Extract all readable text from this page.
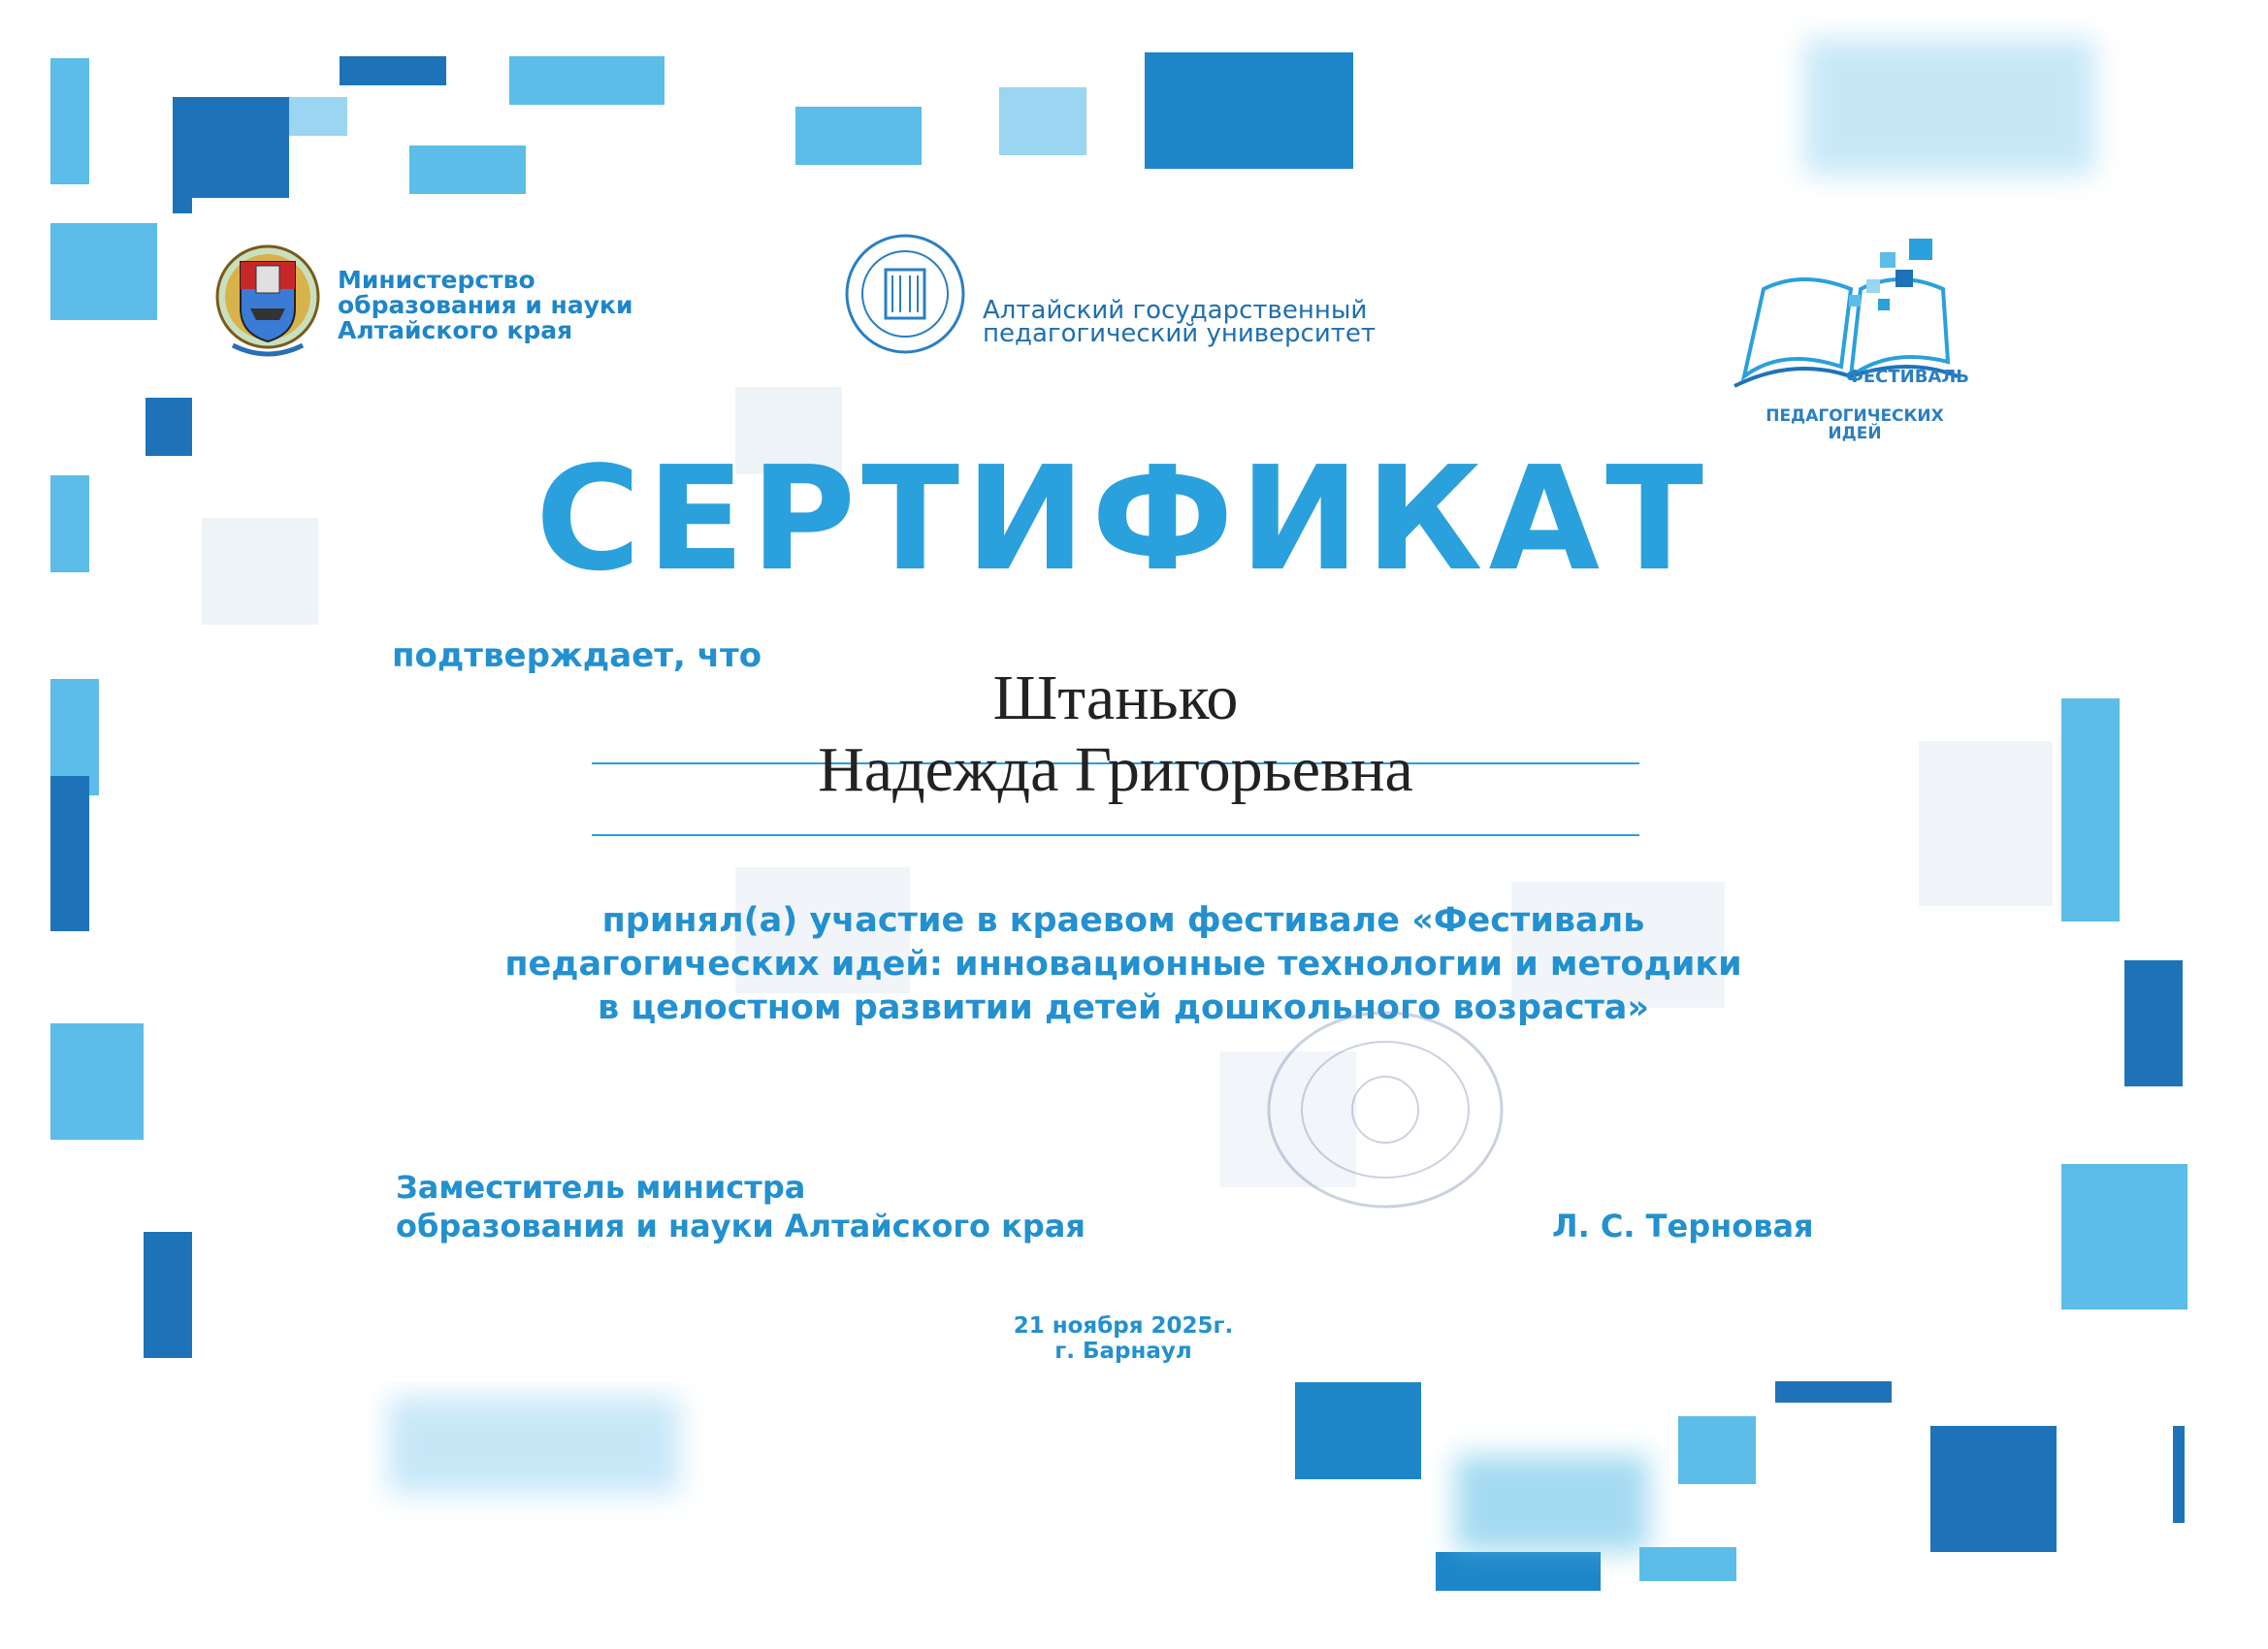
Министерство
образования и науки
Алтайского края
Алтайский государственный
педагогический университет
ФЕСТИВАЛЬ
ПЕДАГОГИЧЕСКИХ
ИДЕЙ
СЕРТИФИКАТ
подтверждает, что
Штанько
Надежда Григорьевна
принял(а) участие в краевом фестивале «Фестиваль
педагогических идей: инновационные технологии и методики
в целостном развитии детей дошкольного возраста»
Заместитель министра
образования и науки Алтайского края	Л. С. Терновая
21 ноября 2025г.
г. Барнаул
